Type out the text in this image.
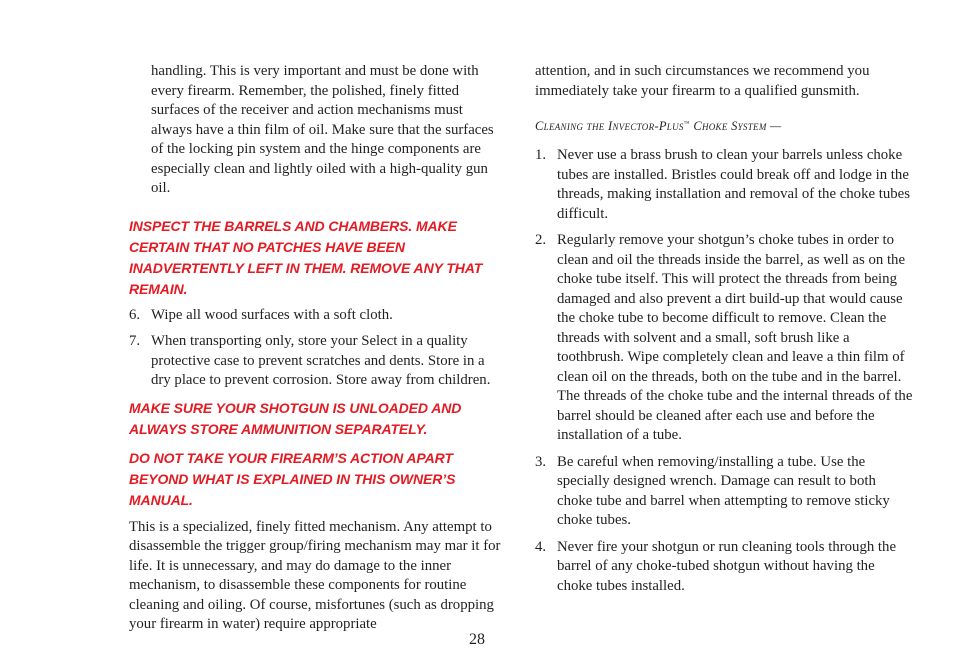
handling. This is very important and must be done with every firearm. Remember, the polished, finely fitted surfaces of the receiver and action mechanisms must always have a thin film of oil. Make sure that the surfaces of the locking pin system and the hinge components are especially clean and lightly oiled with a high-quality gun oil.

INSPECT THE BARRELS AND CHAMBERS. MAKE CERTAIN THAT NO PATCHES HAVE BEEN INADVERTENTLY LEFT IN THEM. REMOVE ANY THAT REMAIN.

6. Wipe all wood surfaces with a soft cloth.
7. When transporting only, store your Select in a quality protective case to prevent scratches and dents. Store in a dry place to prevent corrosion. Store away from children.

MAKE SURE YOUR SHOTGUN IS UNLOADED AND ALWAYS STORE AMMUNITION SEPARATELY.

DO NOT TAKE YOUR FIREARM’S ACTION APART BEYOND WHAT IS EXPLAINED IN THIS OWNER’S MANUAL.

This is a specialized, finely fitted mechanism. Any attempt to disassemble the trigger group/firing mechanism may mar it for life. It is unnecessary, and may do damage to the inner mechanism, to disassemble these components for routine cleaning and oiling. Of course, misfortunes (such as dropping your firearm in water) require appropriate

attention, and in such circumstances we recommend you immediately take your firearm to a qualified gunsmith.

Cleaning the Invector-Plus™ Choke System —

1. Never use a brass brush to clean your barrels unless choke tubes are installed. Bristles could break off and lodge in the threads, making installation and removal of the choke tubes difficult.
2. Regularly remove your shotgun’s choke tubes in order to clean and oil the threads inside the barrel, as well as on the choke tube itself. This will protect the threads from being damaged and also prevent a dirt build-up that would cause the choke tube to become difficult to remove. Clean the threads with solvent and a small, soft brush like a toothbrush. Wipe completely clean and leave a thin film of clean oil on the threads, both on the tube and in the barrel. The threads of the choke tube and the internal threads of the barrel should be cleaned after each use and before the installation of a tube.
3. Be careful when removing/installing a tube. Use the specially designed wrench. Damage can result to both choke tube and barrel when attempting to remove sticky choke tubes.
4. Never fire your shotgun or run cleaning tools through the barrel of any choke-tubed shotgun without having the choke tubes installed.
28
